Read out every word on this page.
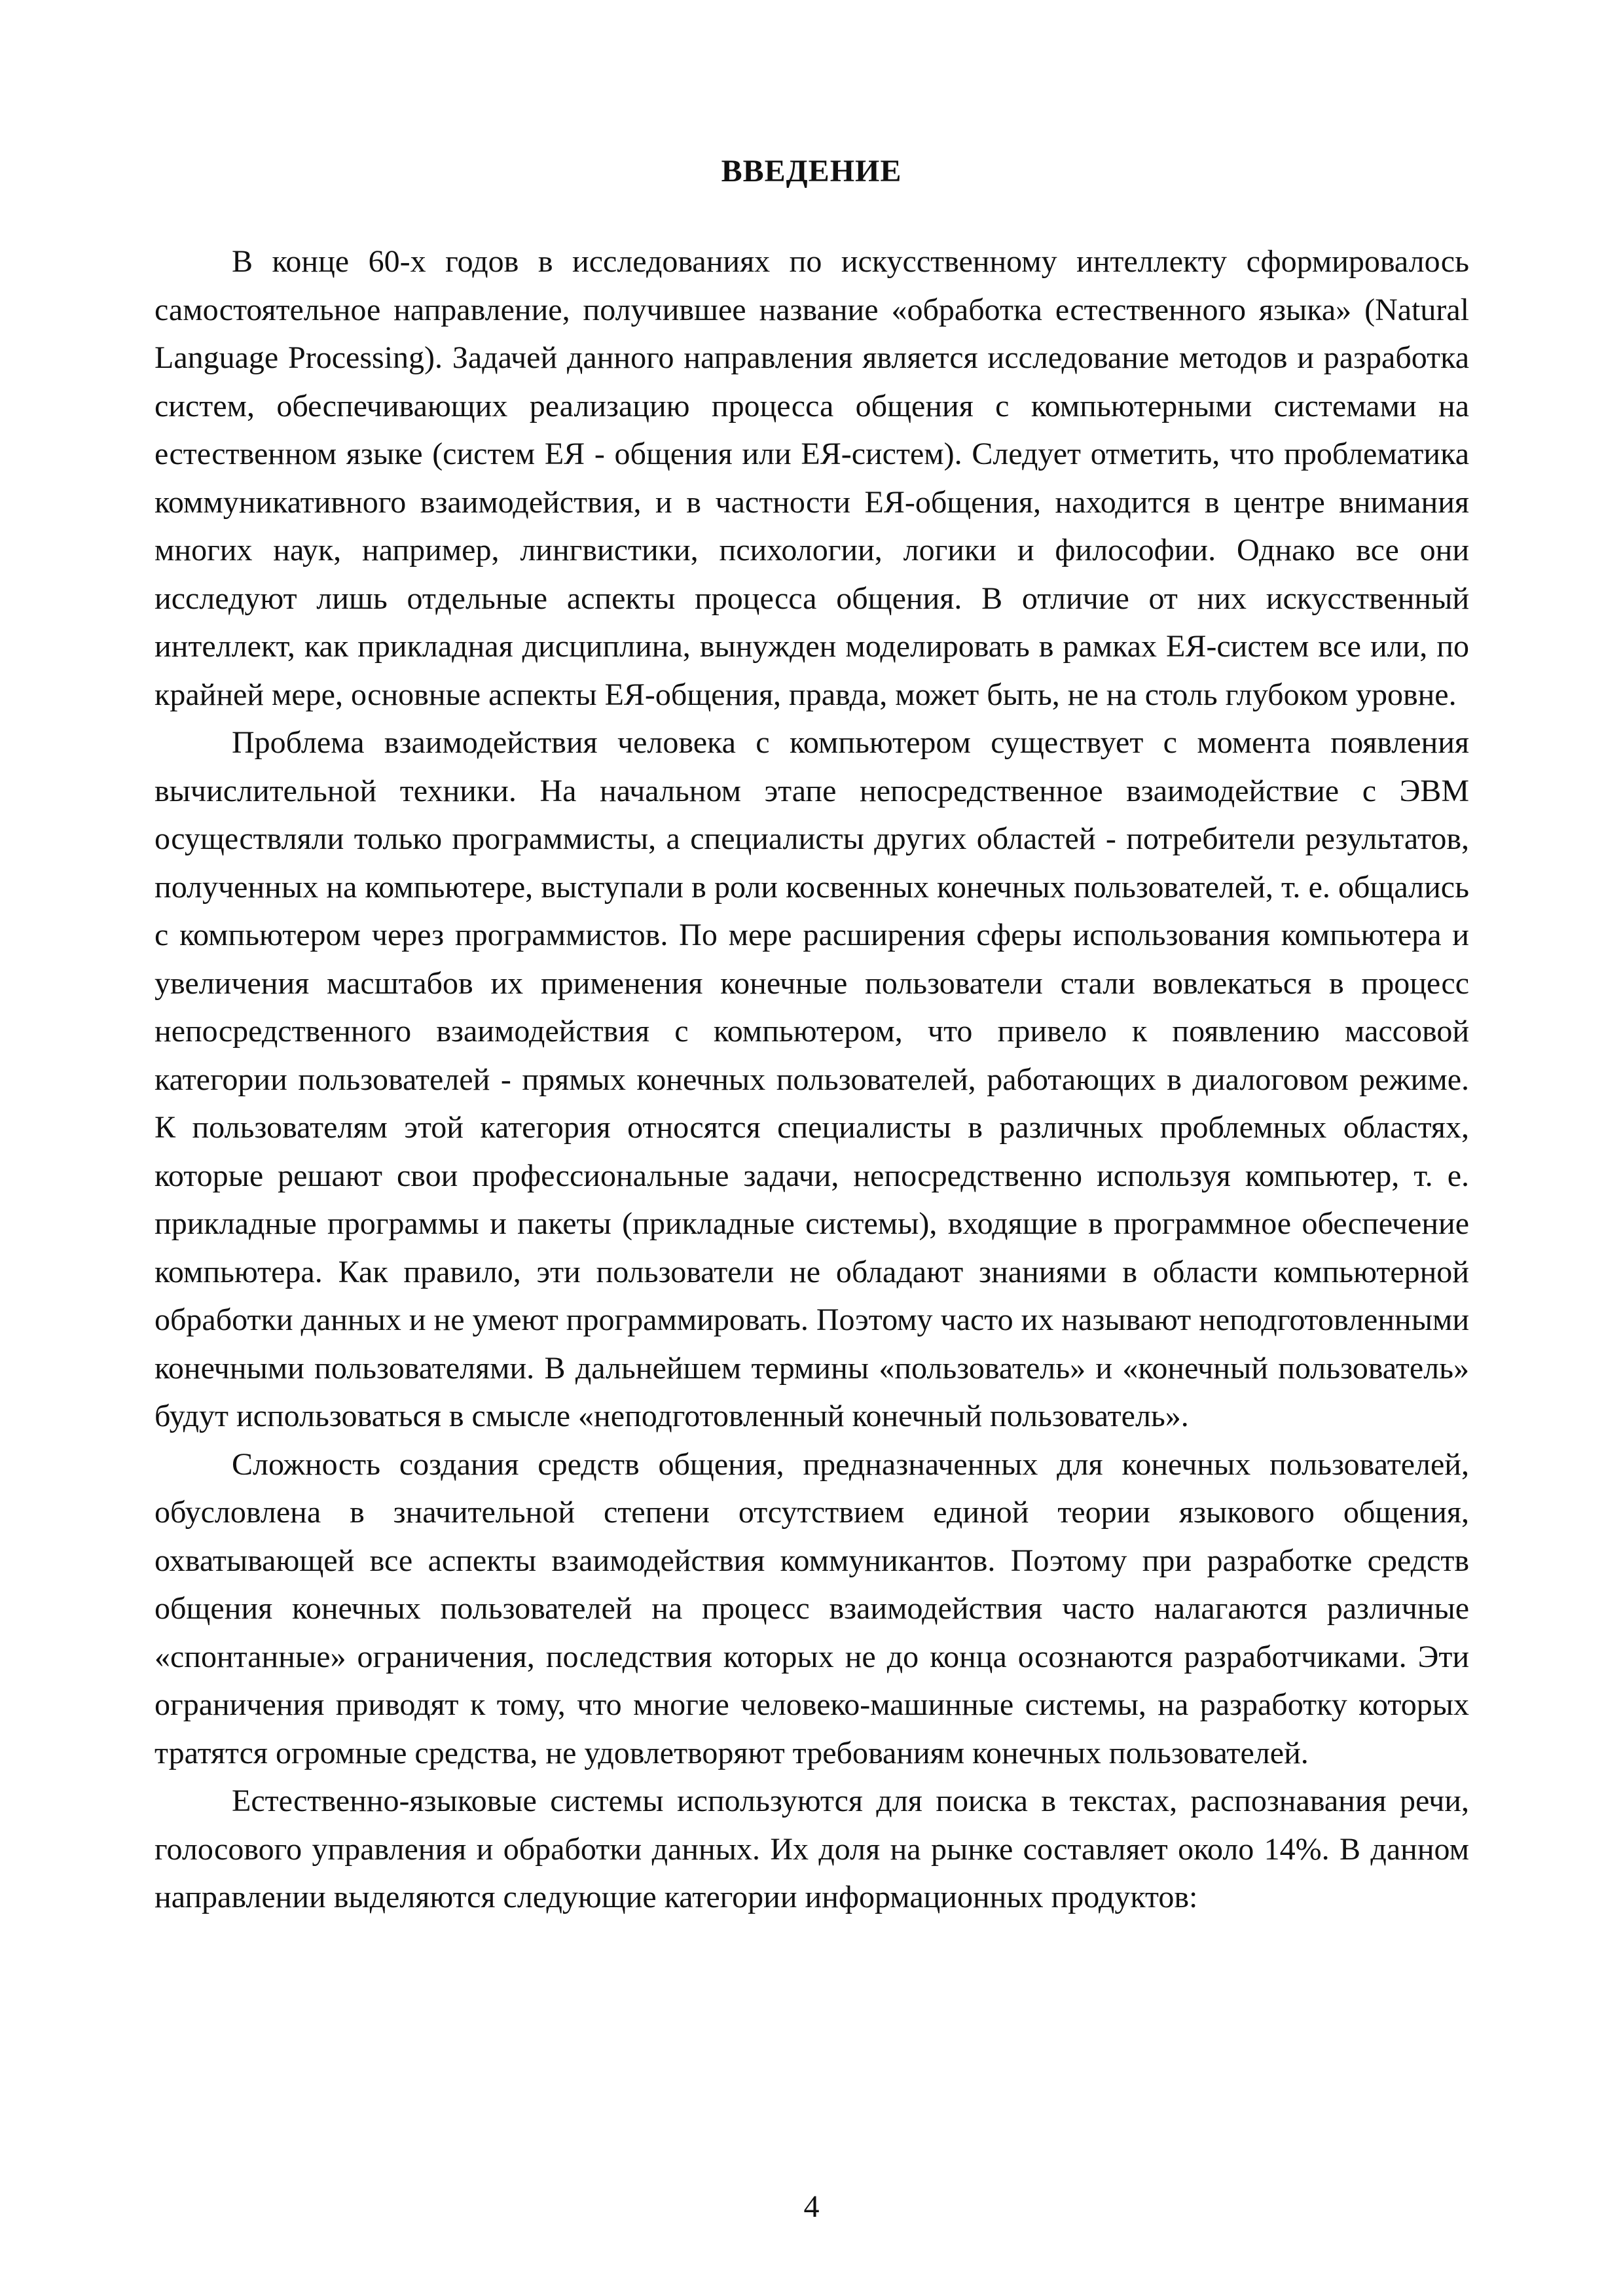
ВВЕДЕНИЕ

В конце 60-х годов в исследованиях по искусственному интеллекту сформировалось самостоятельное направление, получившее название «обработка естественного языка» (Natural Language Processing). Задачей данного направления является исследование методов и разработка систем, обеспечивающих реализацию процесса общения с компьютерными системами на естественном языке (систем ЕЯ - общения или ЕЯ-систем). Следует отметить, что проблематика коммуникативного взаимодействия, и в частности ЕЯ-общения, находится в центре внимания многих наук, например, лингвистики, психологии, логики и философии. Однако все они исследуют лишь отдельные аспекты процесса общения. В отличие от них искусственный интеллект, как прикладная дисциплина, вынужден моделировать в рамках ЕЯ-систем все или, по крайней мере, основные аспекты ЕЯ-общения, правда, может быть, не на столь глубоком уровне.

Проблема взаимодействия человека с компьютером существует с момента появления вычислительной техники. На начальном этапе непосредственное взаимодействие с ЭВМ осуществляли только программисты, а специалисты других областей - потребители результатов, полученных на компьютере, выступали в роли косвенных конечных пользователей, т. е. общались с компьютером через программистов. По мере расширения сферы использования компьютера и увеличения масштабов их применения конечные пользователи стали вовлекаться в процесс непосредственного взаимодействия с компьютером, что привело к появлению массовой категории пользователей - прямых конечных пользователей, работающих в диалоговом режиме. К пользователям этой категория относятся специалисты в различных проблемных областях, которые решают свои профессиональные задачи, непосредственно используя компьютер, т. е. прикладные программы и пакеты (прикладные системы), входящие в программное обеспечение компьютера. Как правило, эти пользователи не обладают знаниями в области компьютерной обработки данных и не умеют программировать. Поэтому часто их называют неподготовленными конечными пользователями. В дальнейшем термины «пользователь» и «конечный пользователь» будут использоваться в смысле «неподготовленный конечный пользователь».

Сложность создания средств общения, предназначенных для конечных пользователей, обусловлена в значительной степени отсутствием единой теории языкового общения, охватывающей все аспекты взаимодействия коммуникантов. Поэтому при разработке средств общения конечных пользователей на процесс взаимодействия часто налагаются различные «спонтанные» ограничения, последствия которых не до конца осознаются разработчиками. Эти ограничения приводят к тому, что многие человеко-машинные системы, на разработку которых тратятся огромные средства, не удовлетворяют требованиям конечных пользователей.

Естественно-языковые системы используются для поиска в текстах, распознавания речи, голосового управления и обработки данных. Их доля на рынке составляет около 14%. В данном направлении выделяются следующие категории информационных продуктов:

4
